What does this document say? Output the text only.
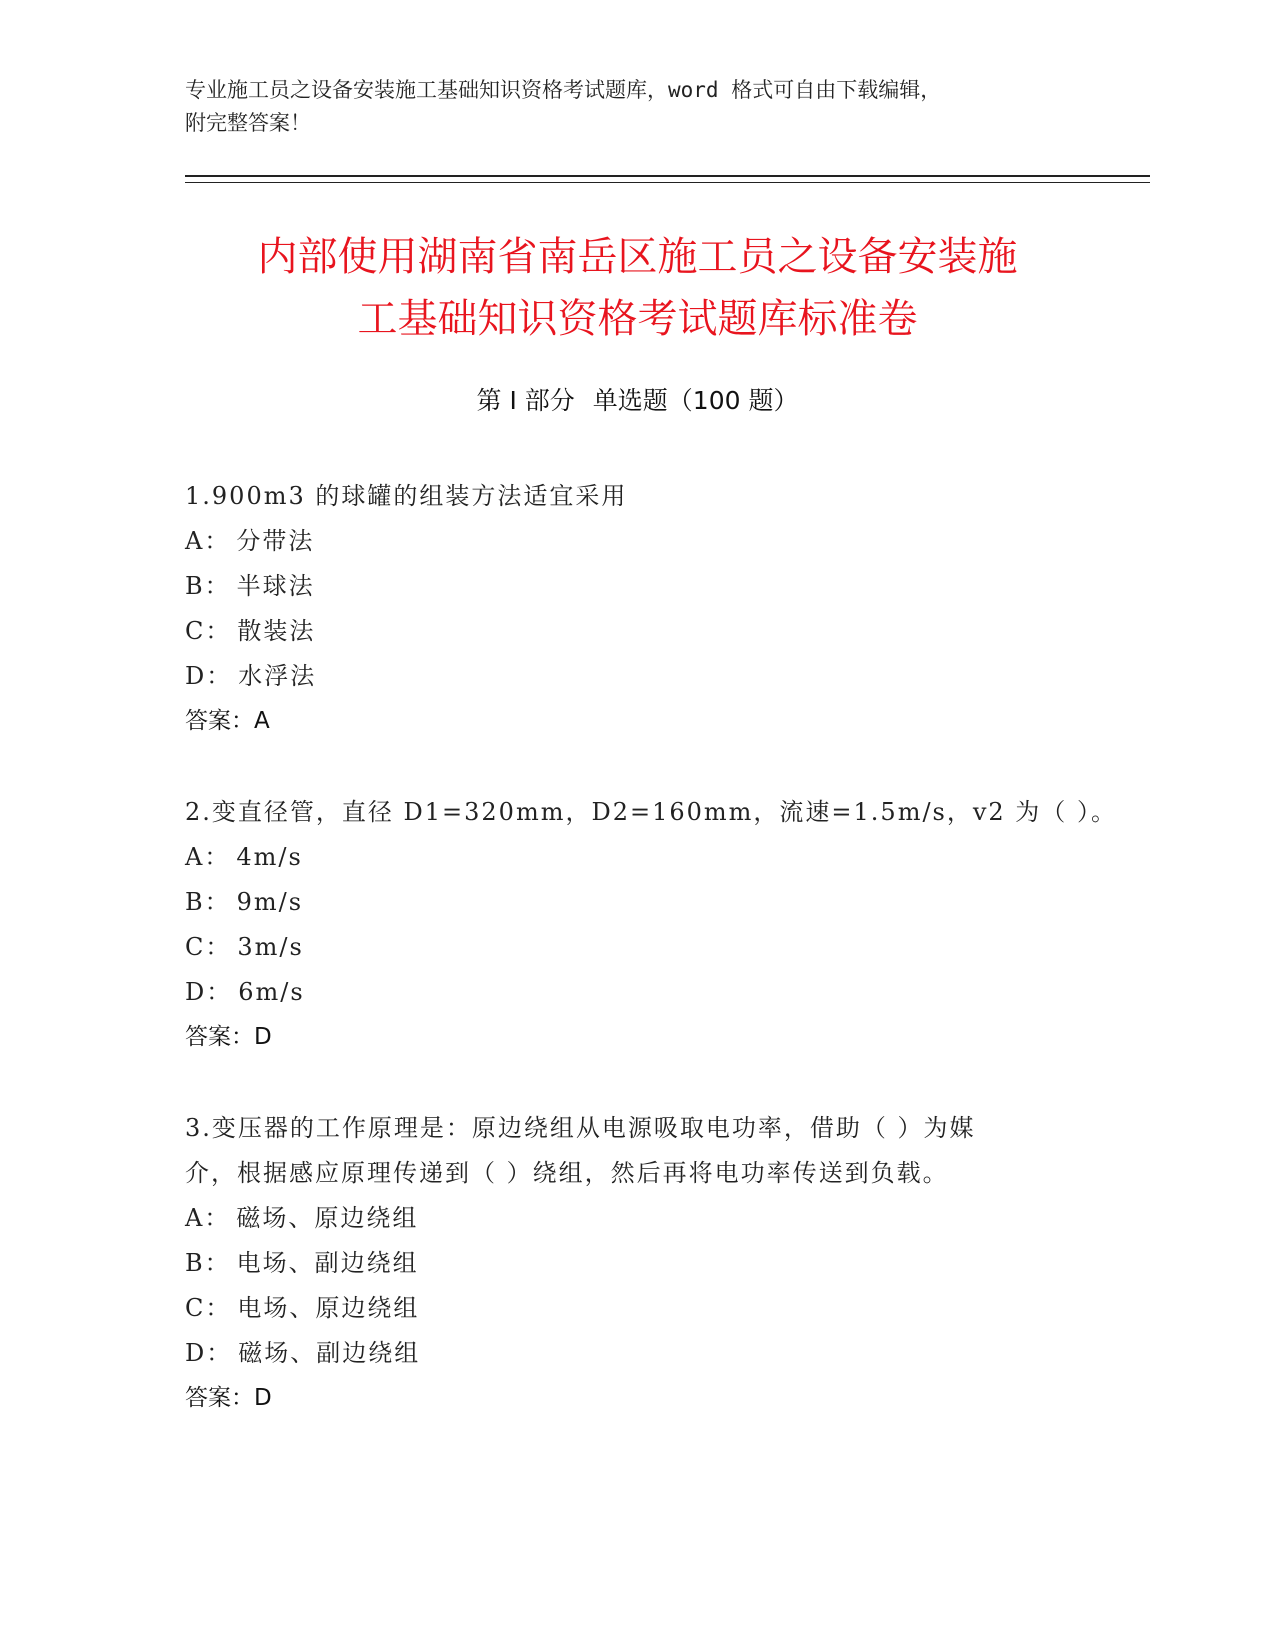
专业施工员之设备安装施工基础知识资格考试题库，word 格式可自由下载编辑，
附完整答案！
内部使用湖南省南岳区施工员之设备安装施
工基础知识资格考试题库标准卷
第 I 部分 单选题（100 题）
1.900m3 的球罐的组装方法适宜采用
A： 分带法
B： 半球法
C： 散装法
D： 水浮法
答案：A
2.变直径管，直径 D1=320mm，D2=160mm，流速=1.5m/s，v2 为（ ）。
A： 4m/s
B： 9m/s
C： 3m/s
D： 6m/s
答案：D
3.变压器的工作原理是：原边绕组从电源吸取电功率，借助（ ）为媒
介，根据感应原理传递到（ ）绕组，然后再将电功率传送到负载。
A： 磁场、原边绕组
B： 电场、副边绕组
C： 电场、原边绕组
D： 磁场、副边绕组
答案：D
